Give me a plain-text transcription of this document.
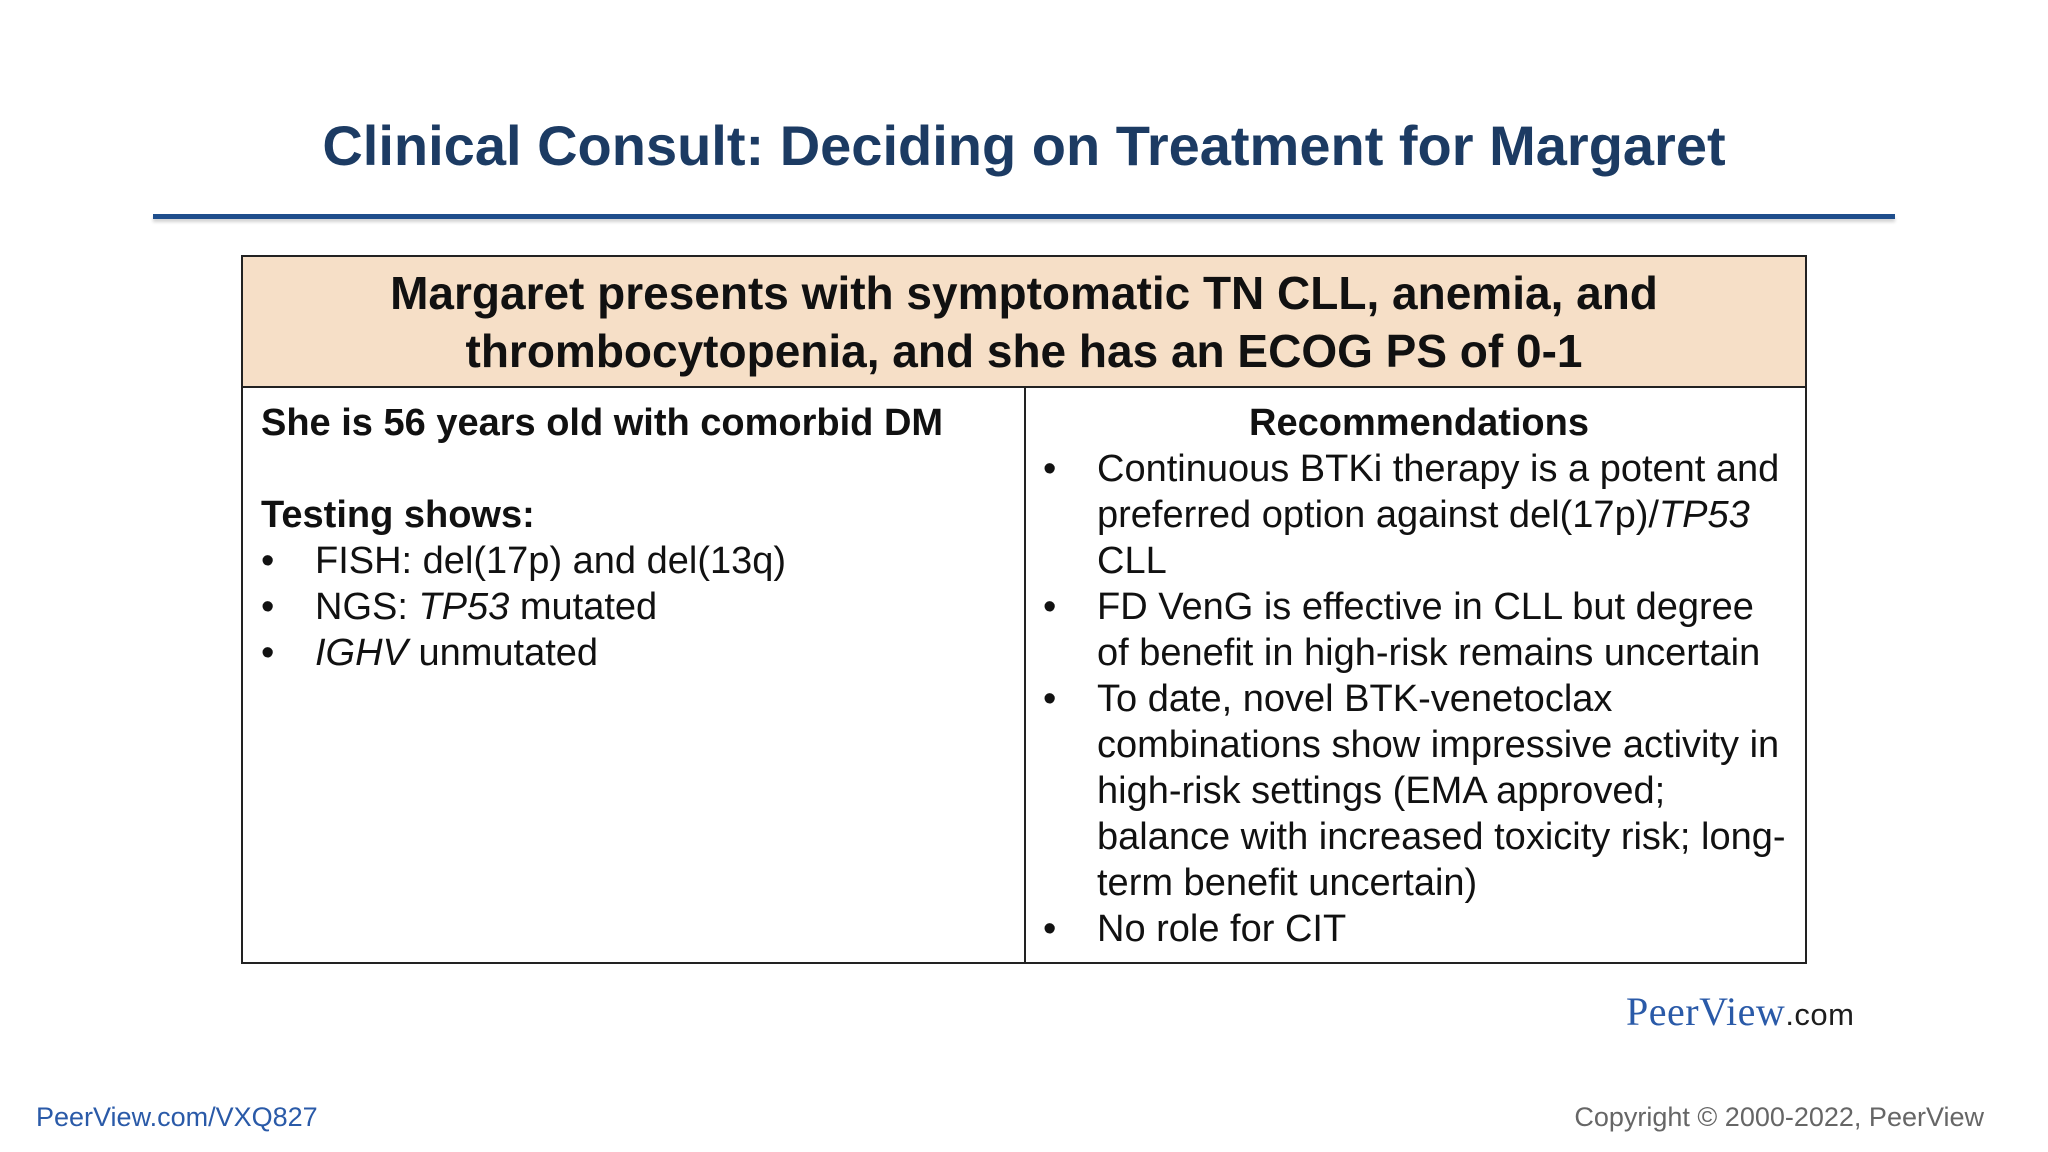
Clinical Consult: Deciding on Treatment for Margaret
Margaret presents with symptomatic TN CLL, anemia, and
thrombocytopenia, and she has an ECOG PS of 0-1
She is 56 years old with comorbid DM
Testing shows:
• FISH: del(17p) and del(13q)
• NGS: TP53 mutated
• IGHV unmutated
Recommendations
• Continuous BTKi therapy is a potent and preferred option against del(17p)/TP53 CLL
• FD VenG is effective in CLL but degree of benefit in high-risk remains uncertain
• To date, novel BTK-venetoclax combinations show impressive activity in high-risk settings (EMA approved; balance with increased toxicity risk; long-term benefit uncertain)
• No role for CIT
PeerView.com
PeerView.com/VXQ827	Copyright © 2000-2022, PeerView
